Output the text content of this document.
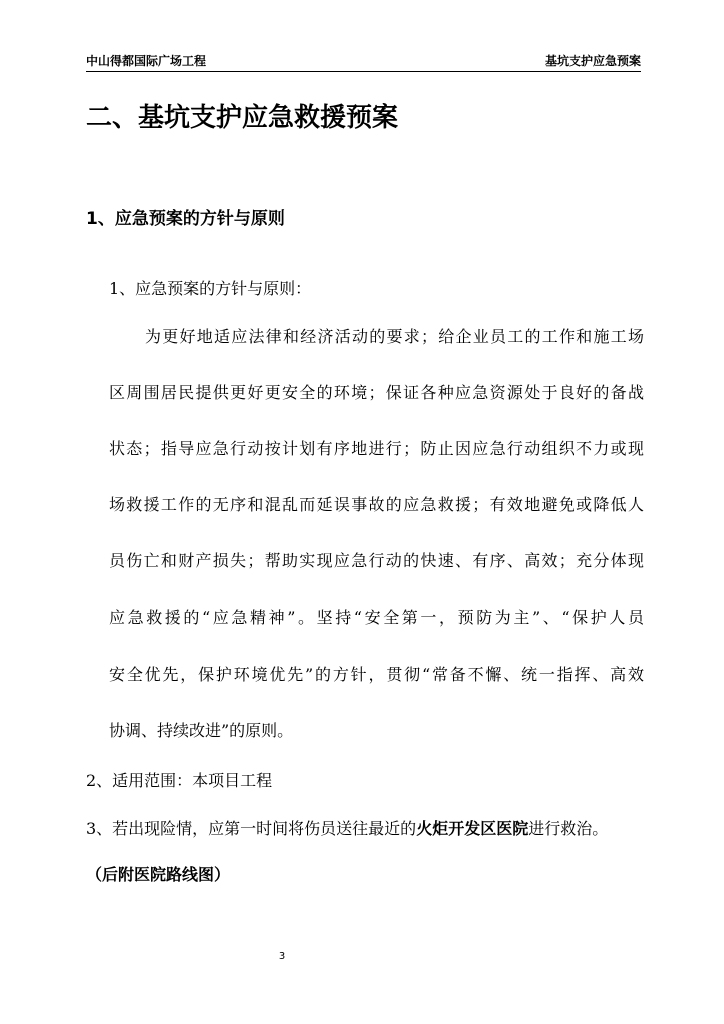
中山得都国际广场工程	基坑支护应急预案
二、基坑支护应急救援预案
1、应急预案的方针与原则
1、应急预案的方针与原则：
为更好地适应法律和经济活动的要求；给企业员工的工作和施工场
区周围居民提供更好更安全的环境；保证各种应急资源处于良好的备战
状态；指导应急行动按计划有序地进行；防止因应急行动组织不力或现
场救援工作的无序和混乱而延误事故的应急救援；有效地避免或降低人
员伤亡和财产损失；帮助实现应急行动的快速、有序、高效；充分体现
应急救援的“应急精神”。坚持“安全第一，预防为主”、“保护人员
安全优先，保护环境优先”的方针，贯彻“常备不懈、统一指挥、高效
协调、持续改进”的原则。
2、适用范围：本项目工程
3、若出现险情，应第一时间将伤员送往最近的火炬开发区医院进行救治。
（后附医院路线图）
3
